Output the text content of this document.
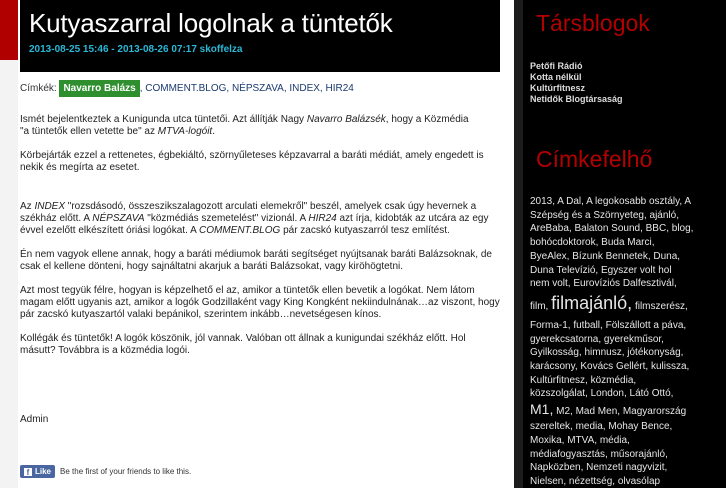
Kutyaszarral logolnak a tüntetők
2013-08-25 15:46 - 2013-08-26 07:17 skoffelza
Címkék: Navarro Balázs , COMMENT.BLOG, NÉPSZAVA, INDEX, HIR24

Ismét bejelentkeztek a Kunigunda utca tüntetői. Azt állítják Nagy Navarro Balázsék, hogy a Közmédia
"a tüntetők ellen vetette be" az MTVA-logóit.

Körbejárták ezzel a rettenetes, égbekiáltó, szörnyűleteses képzavarral a baráti médiát, amely engedett is nekik és megírta az esetet.

Az INDEX "rozsdásodó, összeszikszalagozott arculati elemekről" beszél, amelyek csak úgy hevernek a székház előtt. A NÉPSZAVA "közmédiás szemetelést" vizionál. A HIR24 azt írja, kidobták az utcára az egy évvel ezelőtt elkészített óriási logókat. A COMMENT.BLOG pár zacskó kutyaszarról tesz említést.

Én nem vagyok ellene annak, hogy a baráti médiumok baráti segítséget nyújtsanak baráti Balázsoknak, de csak el kellene dönteni, hogy sajnáltatni akarjuk a baráti Balázsokat, vagy kiröhögtetni.

Azt most tegyük félre, hogyan is képzelhető el az, amikor a tüntetők ellen bevetik a logókat. Nem látom magam előtt ugyanis azt, amikor a logók Godzillaként vagy King Kongként nekiindulnának…az viszont, hogy pár zacskó kutyaszartól valaki bepánikol, szerintem inkább…nevetségesen kínos.

Kollégák és tüntetők! A logók köszönik, jól vannak. Valóban ott állnak a kunigundai székház előtt. Hol másutt? Továbbra is a közmédia logói.

Admin
f Like Be the first of your friends to like this.
Társblogok
Petőfi Rádió
Kotta nélkül
Kultúrfitnesz
Netidők Blogtársaság
Címkefelhő
2013, A Dal, A legokosabb osztály, A
Szépség és a Szörnyeteg, ajánló,
AreBaba, Balaton Sound, BBC, blog,
bohócdoktorok, Buda Marci,
ByeAlex, Bízunk Bennetek, Duna,
Duna Televízió, Egyszer volt hol
nem volt, Eurovíziós Dalfesztivál,
film, filmajánló, filmszerész,
Forma-1, futball, Fölszállott a páva,
gyerekcsatorna, gyerekműsor,
Gyilkosság, himnusz, jótékonyság,
karácsony, Kovács Gellért, kulissza,
Kultúrfitnesz, közmédia,
közszolgálat, London, Látó Ottó,
M1, M2, Mad Men, Magyarország
szereltek, media, Mohay Bence,
Moxika, MTVA, média,
médiafogyasztás, műsorajánló,
Napközben, Nemzeti nagyvizit,
Nielsen, nézettség, olvasólap
